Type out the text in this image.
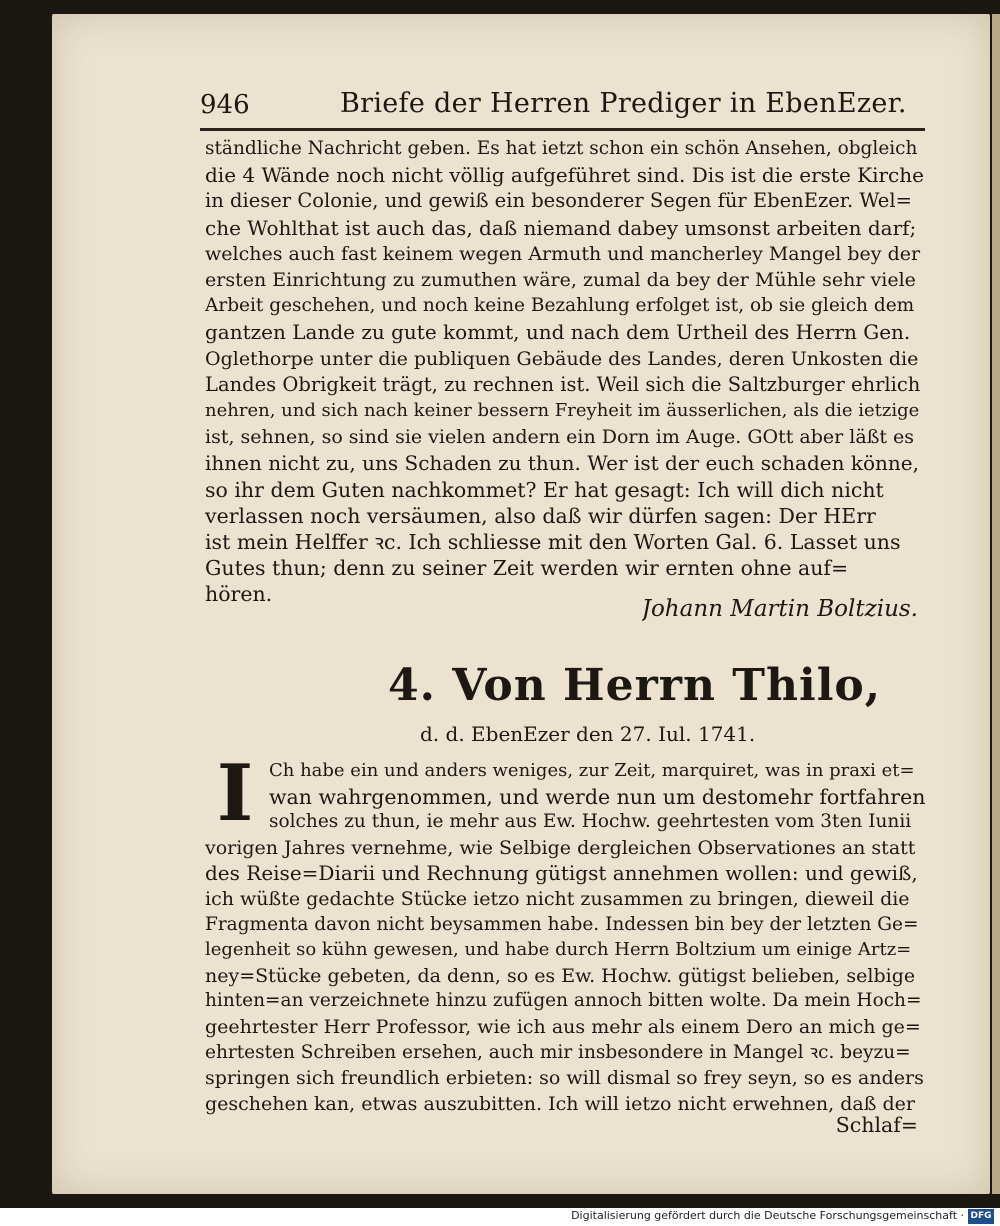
946	Briefe der Herren Prediger in EbenEzer.
ständliche Nachricht geben. Es hat ietzt schon ein schön Ansehen, obgleich
die 4 Wände noch nicht völlig aufgeführet sind. Dis ist die erste Kirche
in dieser Colonie, und gewiß ein besonderer Segen für EbenEzer. Wel=
che Wohlthat ist auch das, daß niemand dabey umsonst arbeiten darf;
welches auch fast keinem wegen Armuth und mancherley Mangel bey der
ersten Einrichtung zu zumuthen wäre, zumal da bey der Mühle sehr viele
Arbeit geschehen, und noch keine Bezahlung erfolget ist, ob sie gleich dem
gantzen Lande zu gute kommt, und nach dem Urtheil des Herrn Gen.
Oglethorpe unter die publiquen Gebäude des Landes, deren Unkosten die
Landes Obrigkeit trägt, zu rechnen ist. Weil sich die Saltzburger ehrlich
nehren, und sich nach keiner bessern Freyheit im äusserlichen, als die ietzige
ist, sehnen, so sind sie vielen andern ein Dorn im Auge. GOtt aber läßt es
ihnen nicht zu, uns Schaden zu thun. Wer ist der euch schaden könne,
so ihr dem Guten nachkommet? Er hat gesagt: Ich will dich nicht
verlassen noch versäumen, also daß wir dürfen sagen: Der HErr
ist mein Helffer ꝛc. Ich schliesse mit den Worten Gal. 6. Lasset uns
Gutes thun; denn zu seiner Zeit werden wir ernten ohne auf=
hören.
Johann Martin Boltzius.
4. Von Herrn Thilo,
d. d. EbenEzer den 27. Iul. 1741.
I Ch habe ein und anders weniges, zur Zeit, marquiret, was in praxi et=
wan wahrgenommen, und werde nun um destomehr fortfahren
solches zu thun, ie mehr aus Ew. Hochw. geehrtesten vom 3ten Iunii
vorigen Jahres vernehme, wie Selbige dergleichen Observationes an statt
des Reise=Diarii und Rechnung gütigst annehmen wollen: und gewiß,
ich wüßte gedachte Stücke ietzo nicht zusammen zu bringen, dieweil die
Fragmenta davon nicht beysammen habe. Indessen bin bey der letzten Ge=
legenheit so kühn gewesen, und habe durch Herrn Boltzium um einige Artz=
ney=Stücke gebeten, da denn, so es Ew. Hochw. gütigst belieben, selbige
hinten=an verzeichnete hinzu zufügen annoch bitten wolte. Da mein Hoch=
geehrtester Herr Professor, wie ich aus mehr als einem Dero an mich ge=
ehrtesten Schreiben ersehen, auch mir insbesondere in Mangel ꝛc. beyzu=
springen sich freundlich erbieten: so will dismal so frey seyn, so es anders
geschehen kan, etwas auszubitten. Ich will ietzo nicht erwehnen, daß der
Schlaf=
Digitalisierung gefördert durch die Deutsche Forschungsgemeinschaft · DFG
